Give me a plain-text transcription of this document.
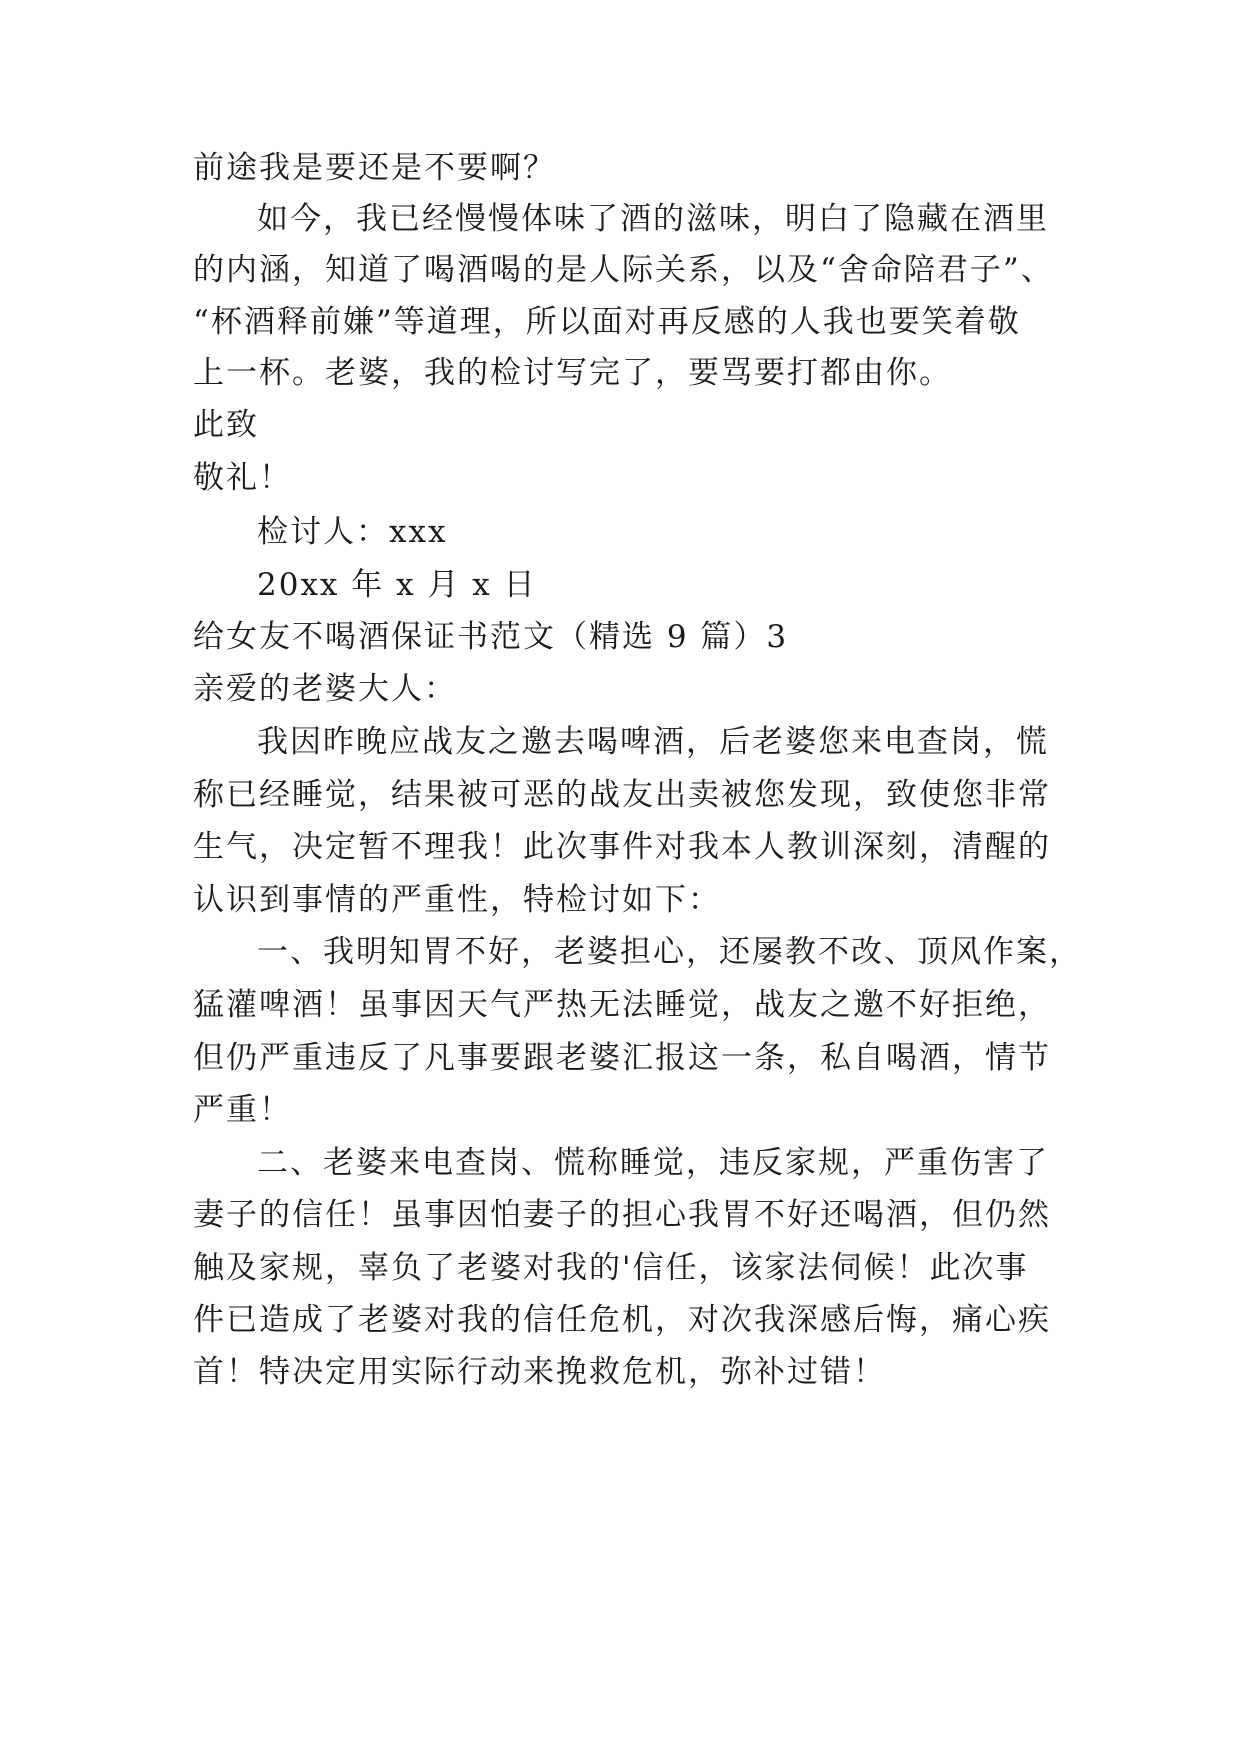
前途我是要还是不要啊？
如今，我已经慢慢体味了酒的滋味，明白了隐藏在酒里
的内涵，知道了喝酒喝的是人际关系，以及“舍命陪君子”、
“杯酒释前嫌”等道理，所以面对再反感的人我也要笑着敬
上一杯。老婆，我的检讨写完了，要骂要打都由你。
此致
敬礼！
检讨人：xxx
20xx 年 x 月 x 日
给女友不喝酒保证书范文（精选 9 篇）3
亲爱的老婆大人：
我因昨晚应战友之邀去喝啤酒，后老婆您来电查岗，慌
称已经睡觉，结果被可恶的战友出卖被您发现，致使您非常
生气，决定暂不理我！此次事件对我本人教训深刻，清醒的
认识到事情的严重性，特检讨如下：
一、我明知胃不好，老婆担心，还屡教不改、顶风作案，
猛灌啤酒！虽事因天气严热无法睡觉，战友之邀不好拒绝，
但仍严重违反了凡事要跟老婆汇报这一条，私自喝酒，情节
严重！
二、老婆来电查岗、慌称睡觉，违反家规，严重伤害了
妻子的信任！虽事因怕妻子的担心我胃不好还喝酒，但仍然
触及家规，辜负了老婆对我的'信任，该家法伺候！此次事
件已造成了老婆对我的信任危机，对次我深感后悔，痛心疾
首！特决定用实际行动来挽救危机，弥补过错！
